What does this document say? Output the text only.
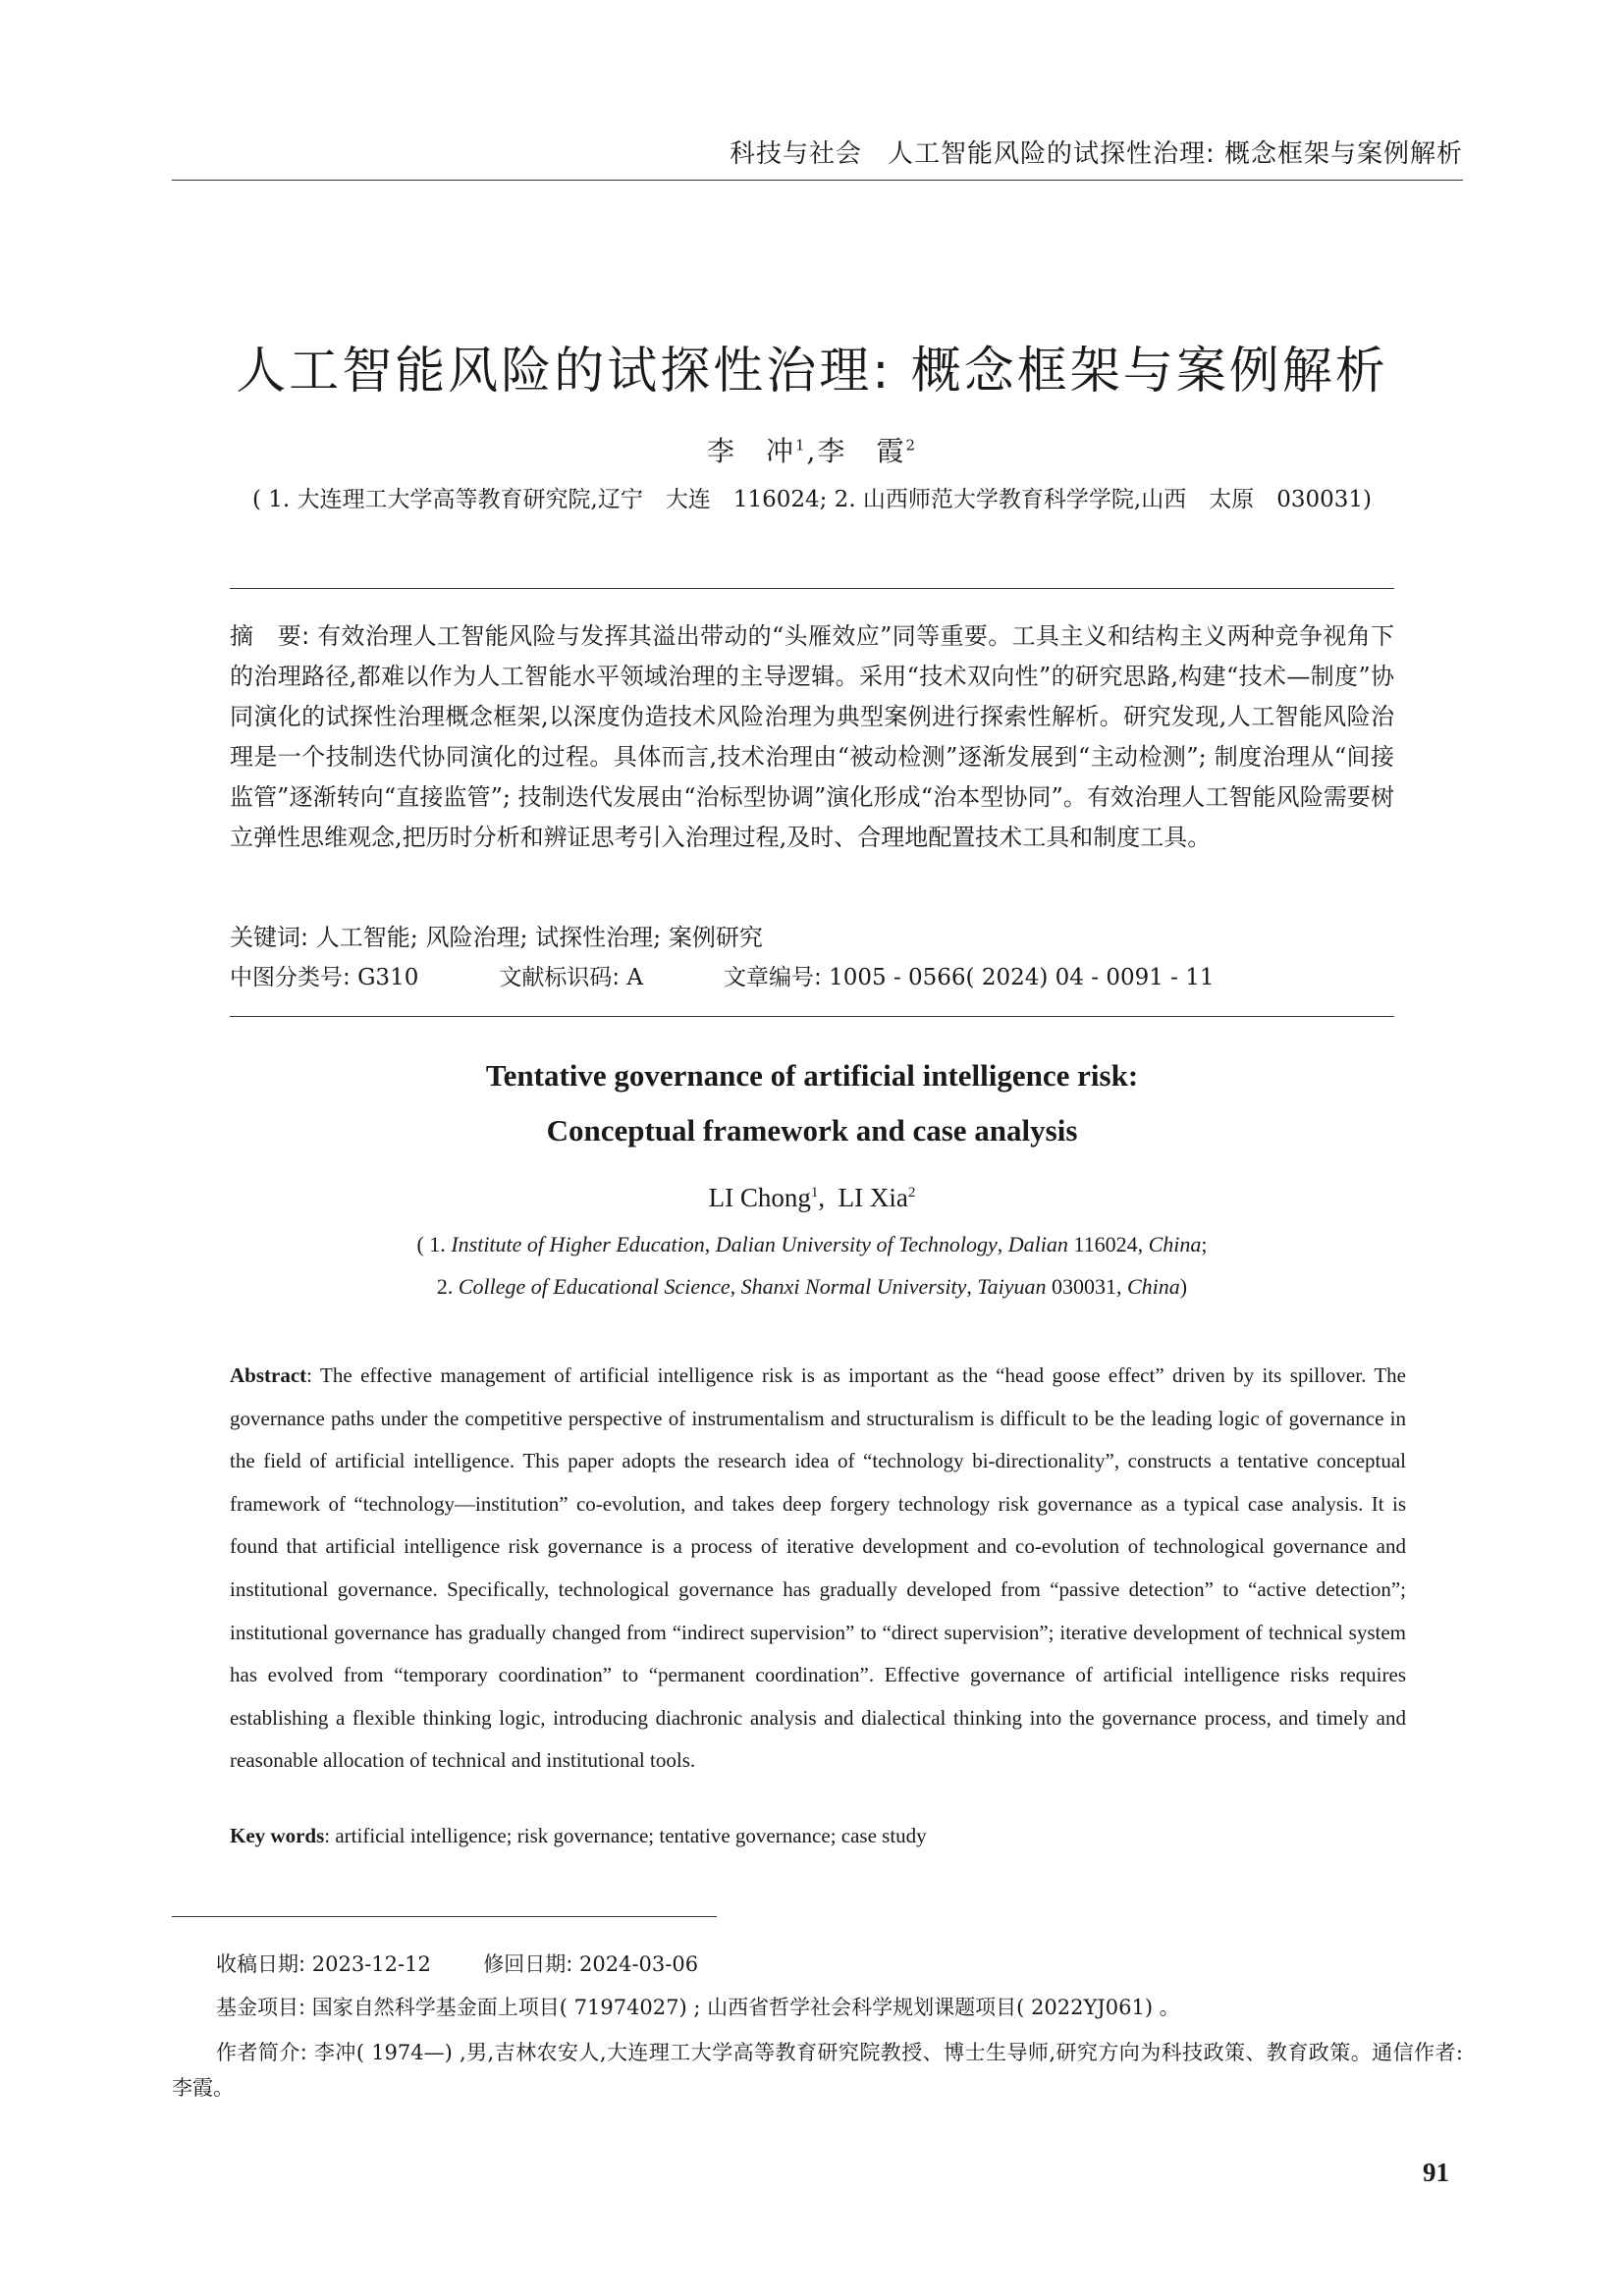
科技与社会 人工智能风险的试探性治理: 概念框架与案例解析
人工智能风险的试探性治理: 概念框架与案例解析
李　冲$^1$,李　霞$^2$
( 1. 大连理工大学高等教育研究院,辽宁　大连　116024; 2. 山西师范大学教育科学学院,山西　太原　030031)
摘　要: 有效治理人工智能风险与发挥其溢出带动的“头雁效应”同等重要。工具主义和结构主义两种竞争视角下的治理路径,都难以作为人工智能水平领域治理的主导逻辑。采用“技术双向性”的研究思路,构建“技术—制度”协同演化的试探性治理概念框架,以深度伪造技术风险治理为典型案例进行探索性解析。研究发现,人工智能风险治理是一个技制迭代协同演化的过程。具体而言,技术治理由“被动检测”逐渐发展到“主动检测”; 制度治理从“间接监管”逐渐转向“直接监管”; 技制迭代发展由“治标型协调”演化形成“治本型协同”。有效治理人工智能风险需要树立弹性思维观念,把历时分析和辨证思考引入治理过程,及时、合理地配置技术工具和制度工具。
关键词: 人工智能; 风险治理; 试探性治理; 案例研究
中图分类号: G310	文献标识码: A	文章编号: 1005 - 0566( 2024) 04 - 0091 - 11
Tentative governance of artificial intelligence risk:
Conceptual framework and case analysis
LI Chong$^1$,  LI Xia$^2$
( 1. Institute of Higher Education, Dalian University of Technology, Dalian 116024, China;
2. College of Educational Science, Shanxi Normal University, Taiyuan 030031, China)
Abstract: The effective management of artificial intelligence risk is as important as the “head goose effect” driven by its spillover. The governance paths under the competitive perspective of instrumentalism and structuralism is difficult to be the leading logic of governance in the field of artificial intelligence. This paper adopts the research idea of “technology bi-directionality”, constructs a tentative conceptual framework of “technology—institution” co-evolution, and takes deep forgery technology risk governance as a typical case analysis. It is found that artificial intelligence risk governance is a process of iterative development and co-evolution of technological governance and institutional governance. Specifically, technological governance has gradually developed from “passive detection” to “active detection”; institutional governance has gradually changed from “indirect supervision” to “direct supervision”; iterative development of technical system has evolved from “temporary coordination” to “permanent coordination”. Effective governance of artificial intelligence risks requires establishing a flexible thinking logic, introducing diachronic analysis and dialectical thinking into the governance process, and timely and reasonable allocation of technical and institutional tools.
Key words: artificial intelligence; risk governance; tentative governance; case study
收稿日期: 2023-12-12	修回日期: 2024-03-06
基金项目: 国家自然科学基金面上项目( 71974027) ; 山西省哲学社会科学规划课题项目( 2022YJ061) 。
作者简介: 李冲( 1974—) ,男,吉林农安人,大连理工大学高等教育研究院教授、博士生导师,研究方向为科技政策、教育政策。通信作者: 李霞。
91
